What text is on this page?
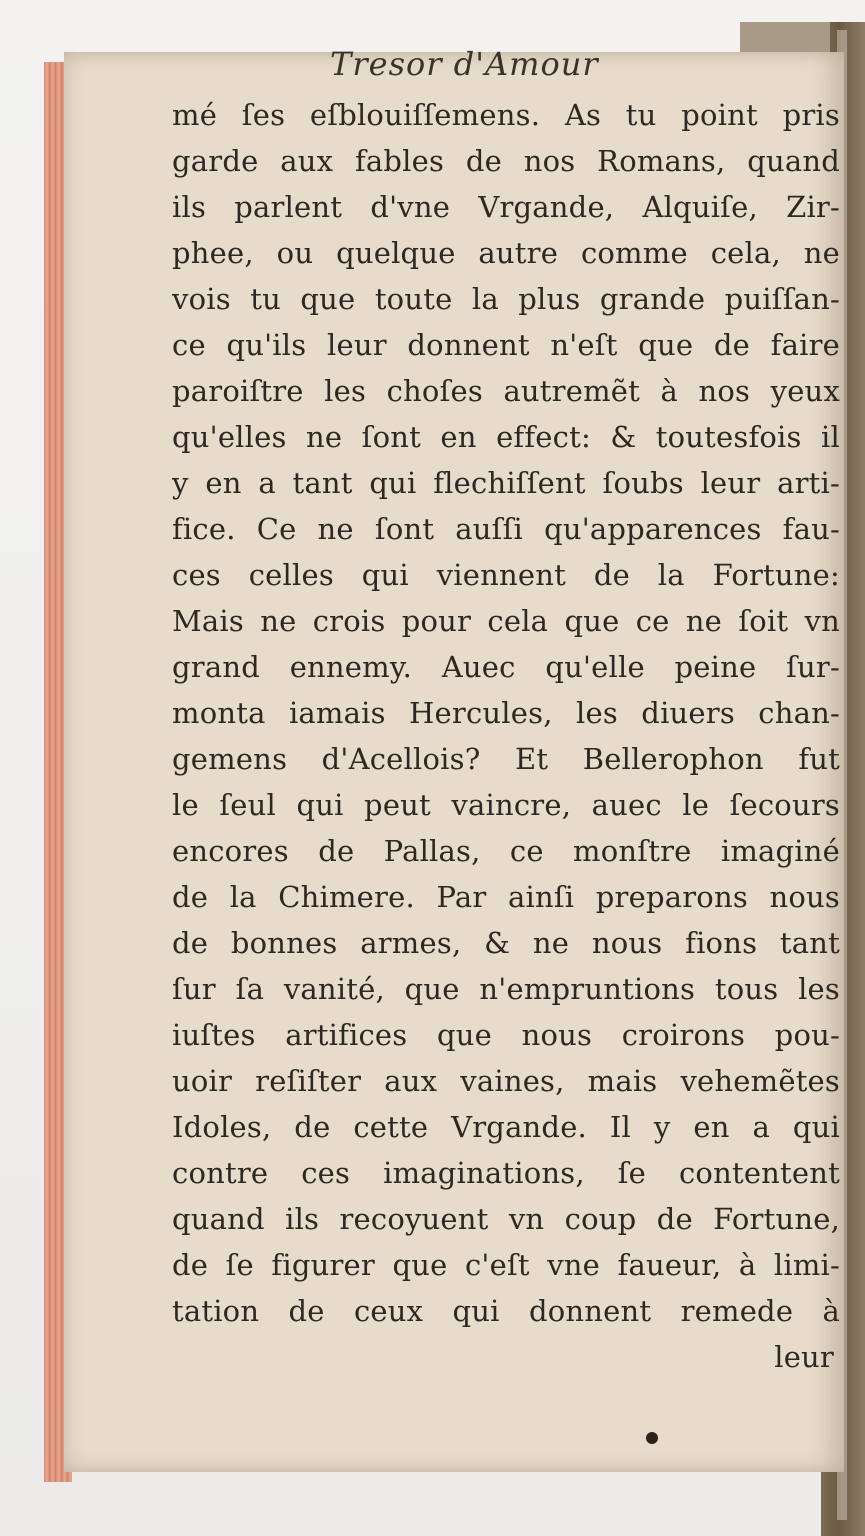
Tresor d'Amour
mé ſes eſblouiſſemens. As tu point pris
garde aux fables de nos Romans, quand
ils parlent d'vne Vrgande, Alquiſe, Zir-
phee, ou quelque autre comme cela, ne
vois tu que toute la plus grande puiſſan-
ce qu'ils leur donnent n'eſt que de faire
paroiſtre les choſes autremẽt à nos yeux
qu'elles ne ſont en effect: & toutesfois il
y en a tant qui flechiſſent ſoubs leur arti-
fice. Ce ne ſont auſſi qu'apparences fau-
ces celles qui viennent de la Fortune:
Mais ne crois pour cela que ce ne ſoit vn
grand ennemy. Auec qu'elle peine ſur-
monta iamais Hercules, les diuers chan-
gemens d'Acellois? Et Bellerophon fut
le ſeul qui peut vaincre, auec le ſecours
encores de Pallas, ce monſtre imaginé
de la Chimere. Par ainſi preparons nous
de bonnes armes, & ne nous fions tant
ſur ſa vanité, que n'empruntions tous les
iuſtes artifices que nous croirons pou-
uoir reſiſter aux vaines, mais vehemẽtes
Idoles, de cette Vrgande. Il y en a qui
contre ces imaginations, ſe contentent
quand ils recoyuent vn coup de Fortune,
de ſe figurer que c'eſt vne faueur, à limi-
tation de ceux qui donnent remede à
leur
